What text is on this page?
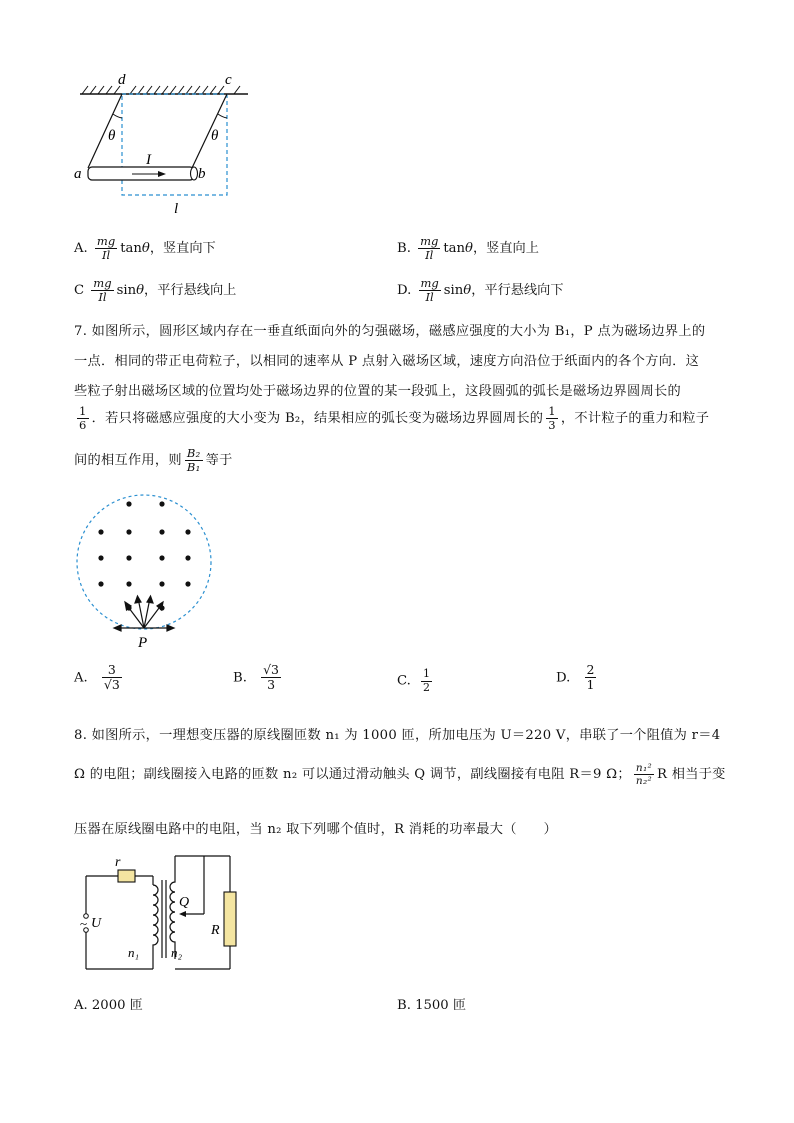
d	c
θ	θ
I
a	b
l
A. $\frac{mg}{Il}$ tanθ，竖直向下	B. $\frac{mg}{Il}$ tanθ，竖直向上
C $\frac{mg}{Il}$ sinθ，平行悬线向上	D. $\frac{mg}{Il}$ sinθ，平行悬线向下
7. 如图所示，圆形区域内存在一垂直纸面向外的匀强磁场，磁感应强度的大小为 B₁，P 点为磁场边界上的
一点．相同的带正电荷粒子，以相同的速率从 P 点射入磁场区域，速度方向沿位于纸面内的各个方向．这
些粒子射出磁场区域的位置均处于磁场边界的位置的某一段弧上，这段圆弧的弧长是磁场边界圆周长的
$\frac{1}{6}$ ．若只将磁感应强度的大小变为 B₂，结果相应的弧长变为磁场边界圆周长的 $\frac{1}{3}$ ，不计粒子的重力和粒子
间的相互作用，则 $\frac{\text{B₂}}{\text{B₁}}$ 等于
P
A. $\frac{3}{√3}$	B. $\frac{√3}{3}$	C. $\frac{1}{2}$	D. $\frac{2}{1}$
8. 如图所示，一理想变压器的原线圈匝数 n₁ 为 1000 匝，所加电压为 U＝220 V，串联了一个阻值为 r＝4
Ω 的电阻；副线圈接入电路的匝数 n₂ 可以通过滑动触头 Q 调节，副线圈接有电阻 R＝9 Ω； $\frac{\text{n₁²}}{\text{n₂²}}$ R 相当于变
压器在原线圈电路中的电阻，当 n₂ 取下列哪个值时，R 消耗的功率最大（　　）
r
~ U
Q
R
n₁ n₂
A. 2000 匝	B. 1500 匝
